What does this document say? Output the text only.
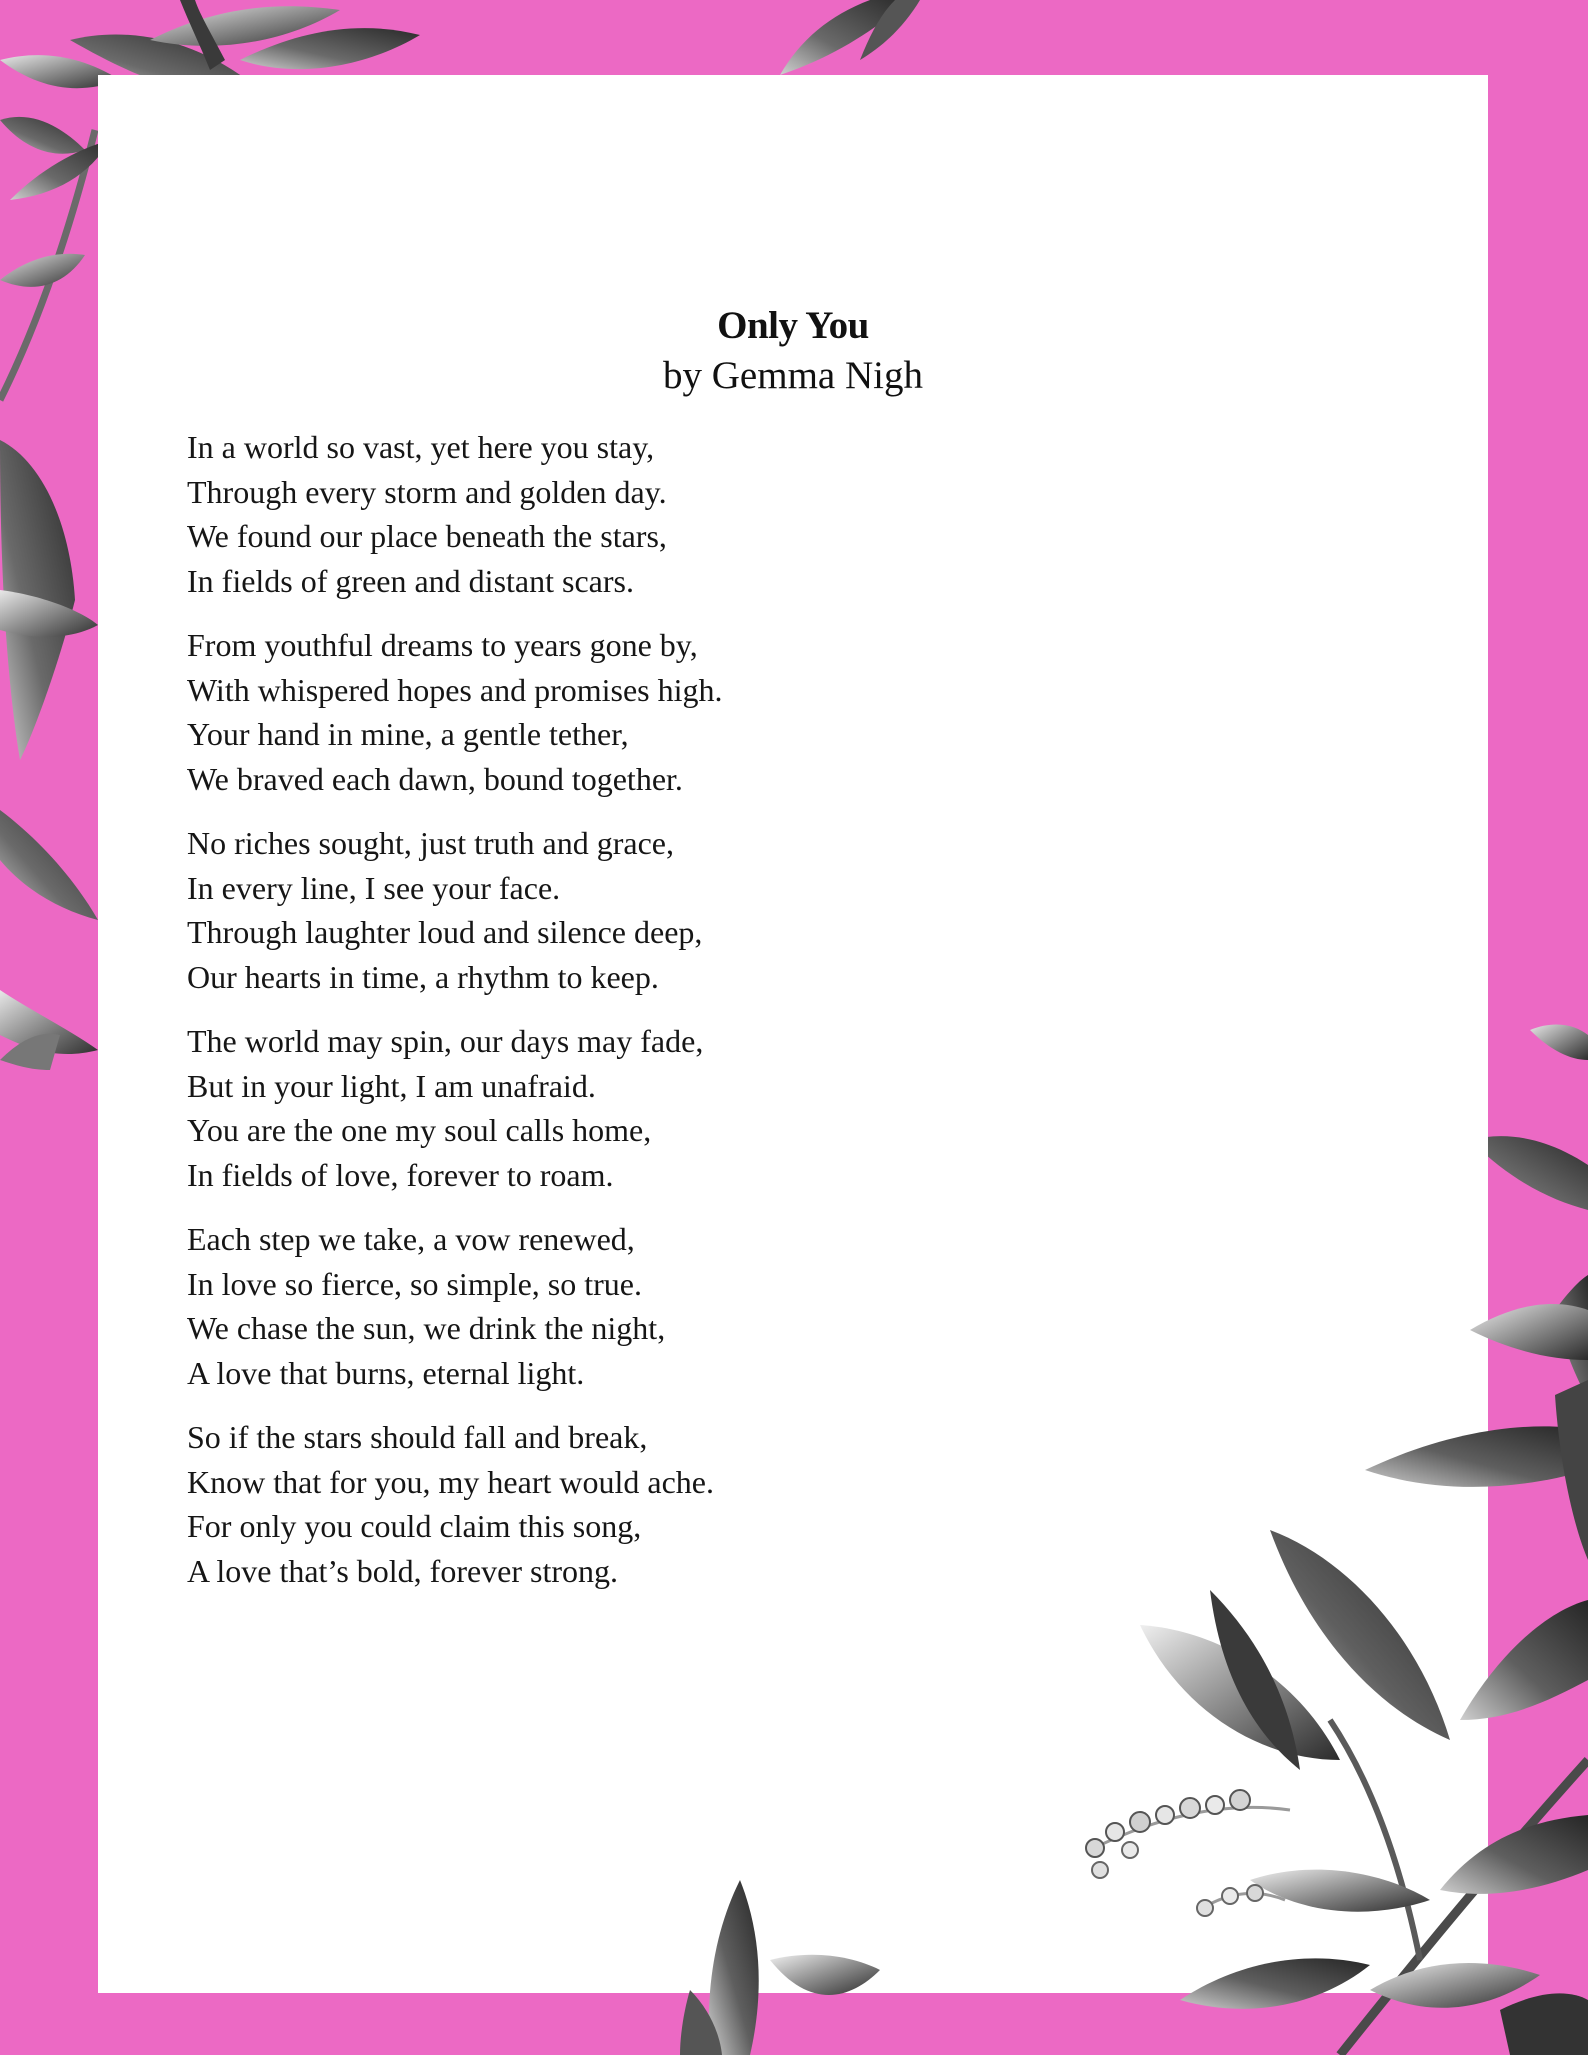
Only You
by Gemma Nigh
In a world so vast, yet here you stay,
Through every storm and golden day.
We found our place beneath the stars,
In fields of green and distant scars.
From youthful dreams to years gone by,
With whispered hopes and promises high.
Your hand in mine, a gentle tether,
We braved each dawn, bound together.
No riches sought, just truth and grace,
In every line, I see your face.
Through laughter loud and silence deep,
Our hearts in time, a rhythm to keep.
The world may spin, our days may fade,
But in your light, I am unafraid.
You are the one my soul calls home,
In fields of love, forever to roam.
Each step we take, a vow renewed,
In love so fierce, so simple, so true.
We chase the sun, we drink the night,
A love that burns, eternal light.
So if the stars should fall and break,
Know that for you, my heart would ache.
For only you could claim this song,
A love that’s bold, forever strong.
